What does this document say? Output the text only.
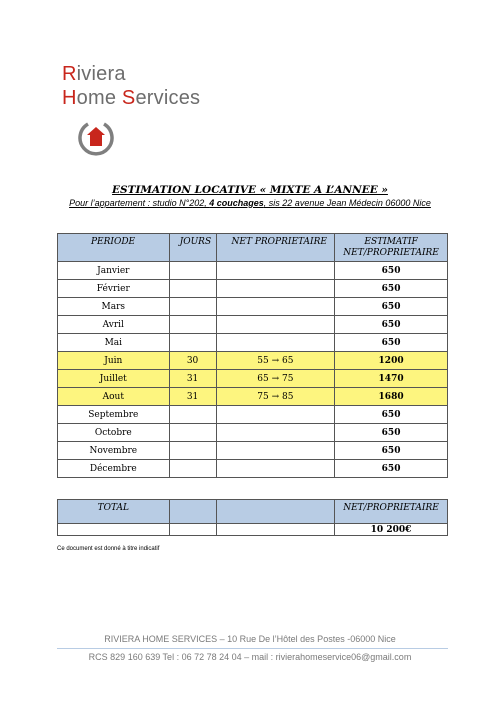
Riviera
Home Services
ESTIMATION LOCATIVE « MIXTE A L’ANNEE »
Pour l’appartement : studio N°202, 4 couchages, sis 22 avenue Jean Médecin 06000 Nice
PERIODE	JOURS	NET PROPRIETAIRE	ESTIMATIF
NET/PROPRIETAIRE
Janvier			650
Février			650
Mars			650
Avril			650
Mai			650
Juin	30	55 → 65	1200
Juillet	31	65 → 75	1470
Aout	31	75 → 85	1680
Septembre			650
Octobre			650
Novembre			650
Décembre			650
TOTAL			NET/PROPRIETAIRE
			10 200€
Ce document est donné à titre indicatif
RIVIERA HOME SERVICES – 10 Rue De l’Hôtel des Postes -06000 Nice
RCS 829 160 639 Tel : 06 72 78 24 04 – mail : rivierahomeservice06@gmail.com
